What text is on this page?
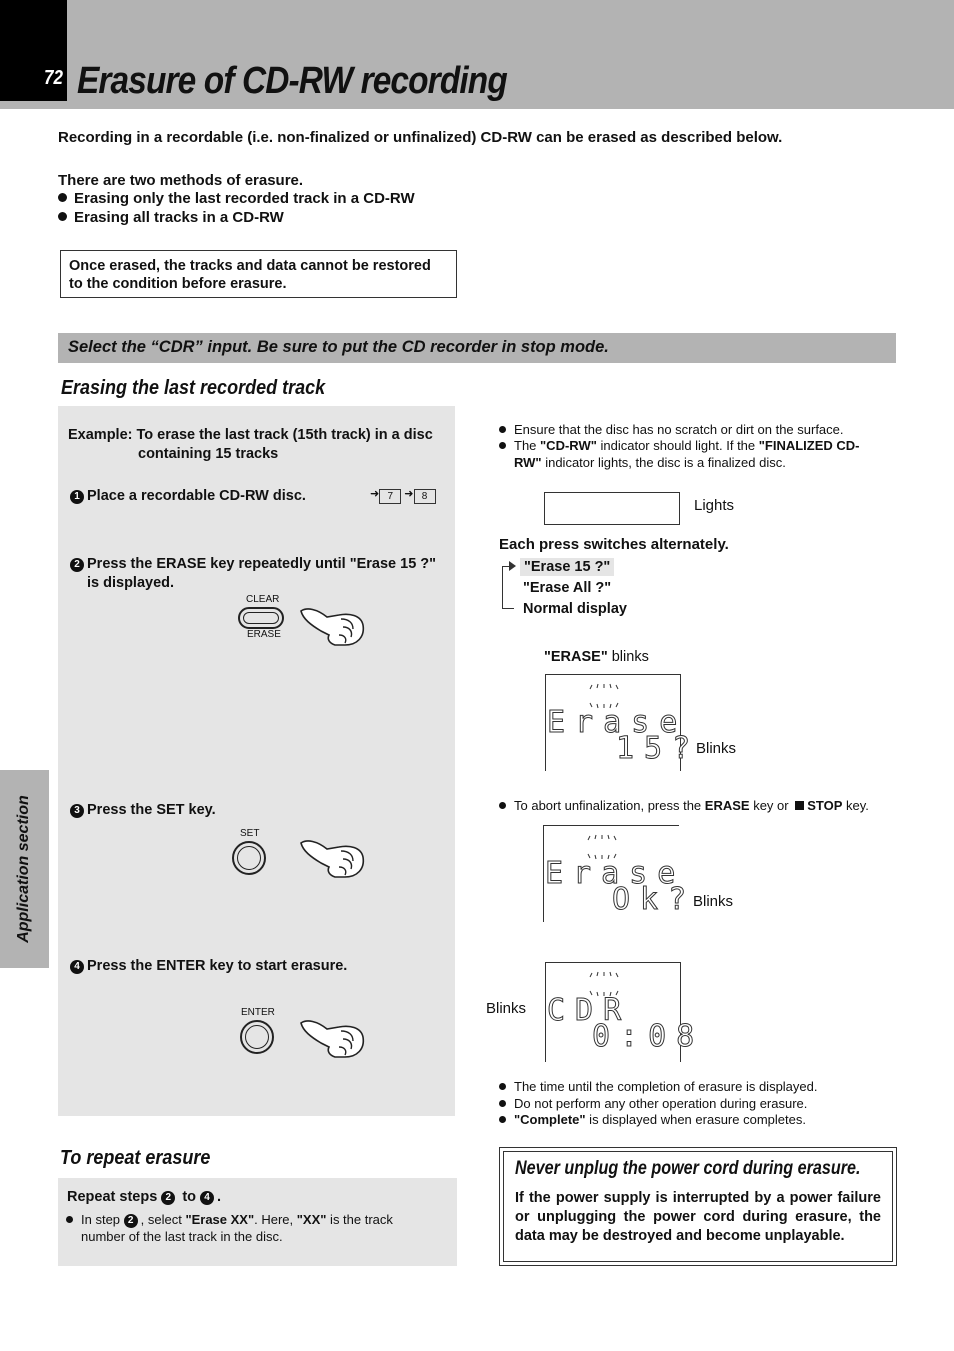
72 Erasure of CD-RW recording
Recording in a recordable (i.e. non-finalized or unfinalized) CD-RW can be erased as described below.
There are two methods of erasure.
Erasing only the last recorded track in a CD-RW
Erasing all tracks in a CD-RW
Once erased, the tracks and data cannot be restored
to the condition before erasure.
Select the “CDR” input. Be sure to put the CD recorder in stop mode.
Application section
Erasing the last recorded track
Example: To erase the last track (15th track) in a disc
containing 15 tracks
1 Place a recordable CD-RW disc.	➜ 7 ➜ 8
2 Press the ERASE key repeatedly until "Erase 15 ?"
is displayed.
CLEAR
ERASE
3 Press the SET key.
SET
4 Press the ENTER key to start erasure.
ENTER
Ensure that the disc has no scratch or dirt on the surface.
The "CD-RW" indicator should light. If the "FINALIZED CD-
RW" indicator lights, the disc is a finalized disc.
Lights
Each press switches alternately.
"Erase 15 ?"
"Erase All ?"
Normal display
"ERASE" blinks
Erase
15?
Blinks
To abort unfinalization, press the ERASE key or STOP key.
Erase
Ok?
Blinks
CDR
0:08
Blinks
The time until the completion of erasure is displayed.
Do not perform any other operation during erasure.
"Complete" is displayed when erasure completes.
To repeat erasure
Repeat steps 2 to 4 .
In step 2 , select "Erase XX". Here, "XX" is the track
number of the last track in the disc.
Never unplug the power cord during erasure.
If the power supply is interrupted by a power failure or unplugging the power cord during erasure, the data may be destroyed and become unplayable.
